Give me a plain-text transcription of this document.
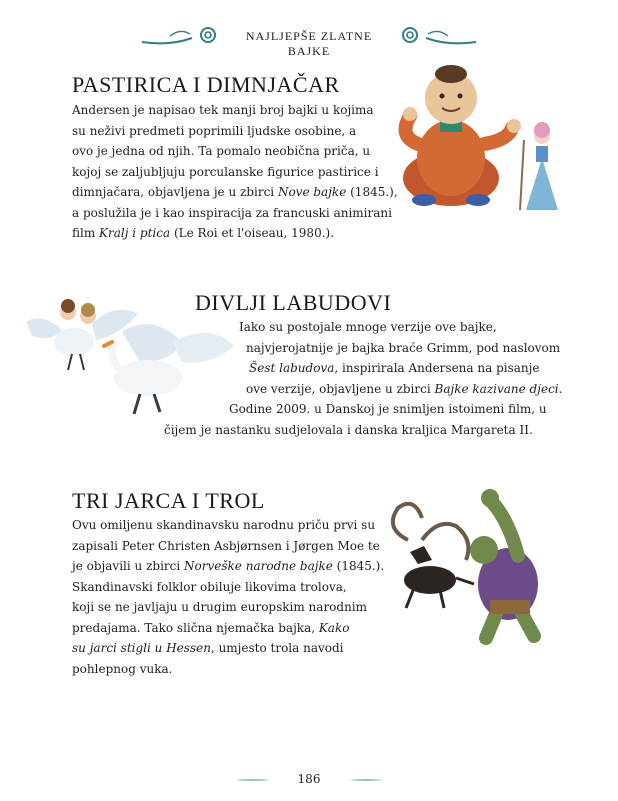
NAJLJEPŠE ZLATNE BAJKE
PASTIRICA I DIMNJAČAR
DIVLJI LABUDOVI
TRI JARCA I TROL
186
Andersen je napisao tek manji broj bajki u kojima
su neživi predmeti poprimili ljudske osobine, a
ovo je jedna od njih. Ta pomalo neobična priča, u
kojoj se zaljubljuju porculanske figurice pastirice i
dimnjačara, objavljena je u zbirci Nove bajke (1845.),
a poslužila je i kao inspiracija za francuski animirani
film Kralj i ptica (Le Roi et l'oiseau, 1980.).
Iako su postojale mnoge verzije ove bajke,
najvjerojatnije je bajka braće Grimm, pod naslovom
Šest labudova, inspirirala Andersena na pisanje
ove verzije, objavljene u zbirci Bajke kazivane djeci.
Godine 2009. u Danskoj je snimljen istoimeni film, u
čijem je nastanku sudjelovala i danska kraljica Margareta II.
Ovu omiljenu skandinavsku narodnu priču prvi su
zapisali Peter Christen Asbjørnsen i Jørgen Moe te
je objavili u zbirci Norveške narodne bajke (1845.).
Skandinavski folklor obiluje likovima trolova,
koji se ne javljaju u drugim europskim narodnim
predajama. Tako slična njemačka bajka, Kako
su jarci stigli u Hessen, umjesto trola navodi
pohlepnog vuka.
